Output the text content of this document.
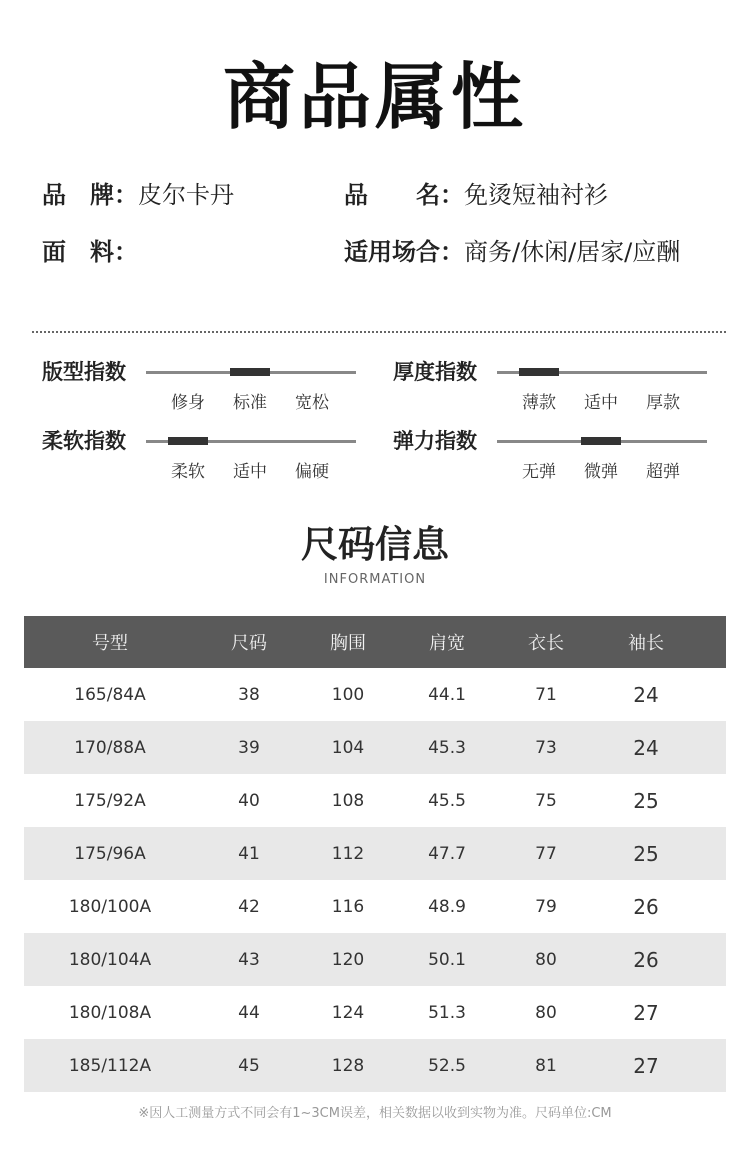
商品属性
品　牌：皮尔卡丹	品　　名：免烫短袖衬衫
面　料：	适用场合：商务/休闲/居家/应酬
版型指数
修身	标准	宽松
厚度指数
薄款	适中	厚款
柔软指数
柔软	适中	偏硬
弹力指数
无弹	微弹	超弹
尺码信息
INFORMATION
号型	尺码	胸围	肩宽	衣长	袖长
165/84A	38	100	44.1	71	24
170/88A	39	104	45.3	73	24
175/92A	40	108	45.5	75	25
175/96A	41	112	47.7	77	25
180/100A	42	116	48.9	79	26
180/104A	43	120	50.1	80	26
180/108A	44	124	51.3	80	27
185/112A	45	128	52.5	81	27
※因人工测量方式不同会有1~3CM误差，相关数据以收到实物为准。尺码单位:CM
